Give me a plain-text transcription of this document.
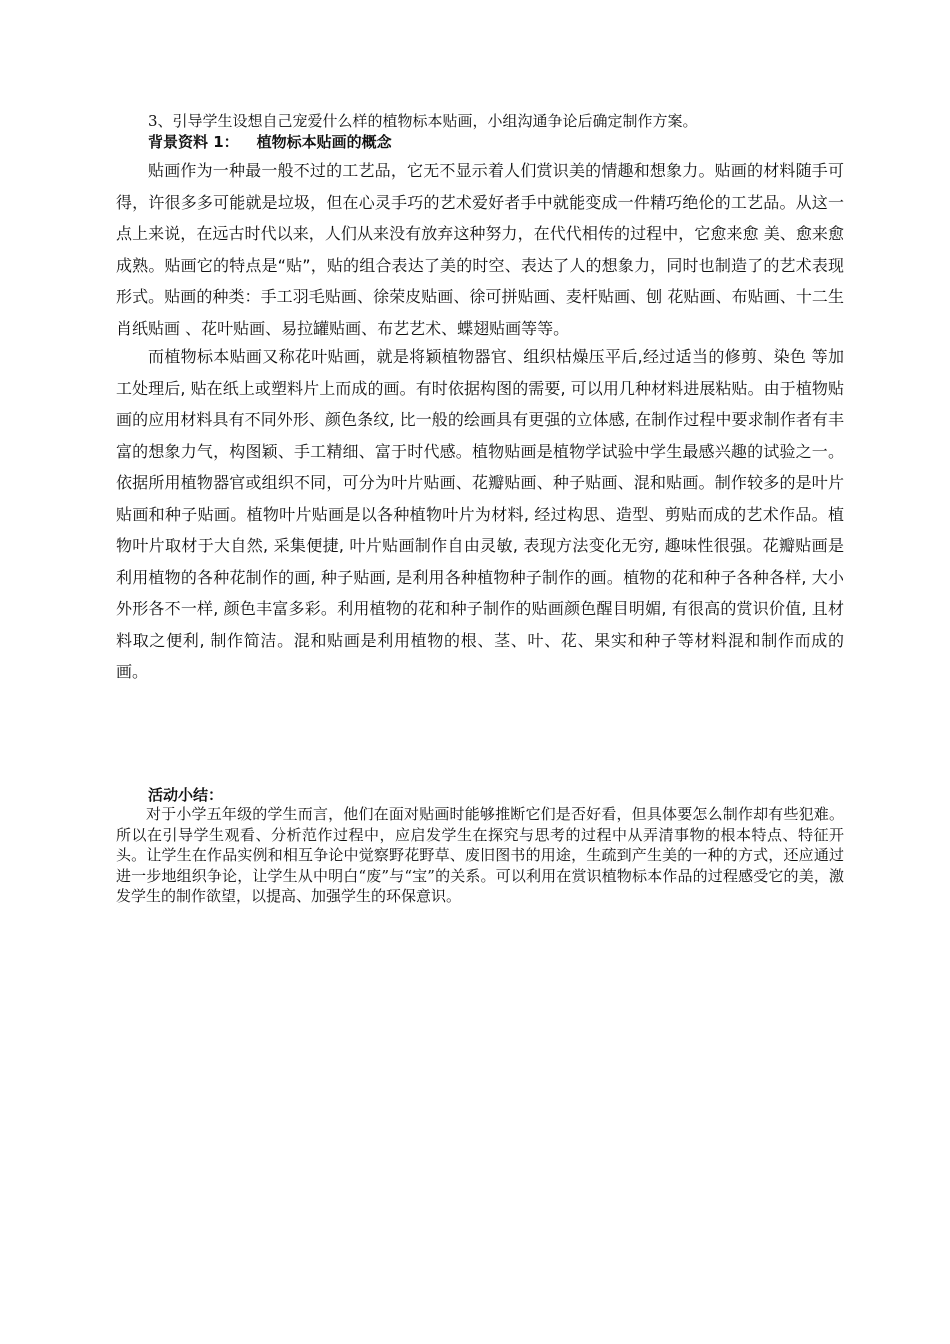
3、引导学生设想自己宠爱什么样的植物标本贴画，小组沟通争论后确定制作方案。
背景资料 1： 植物标本贴画的概念

贴画作为一种最一般不过的工艺品，它无不显示着人们赏识美的情趣和想象力。贴画的材料随手可得，许很多多可能就是垃圾，但在心灵手巧的艺术爱好者手中就能变成一件精巧绝伦的工艺品。从这一点上来说，在远古时代以来，人们从来没有放弃这种努力，在代代相传的过程中，它愈来愈 美、愈来愈成熟。贴画它的特点是“贴”，贴的组合表达了美的时空、表达了人的想象力，同时也制造了的艺术表现形式。贴画的种类：手工羽毛贴画、徐荣皮贴画、徐可拼贴画、麦杆贴画、刨 花贴画、布贴画、十二生肖纸贴画 、花叶贴画、易拉罐贴画、布艺艺术、蝶翅贴画等等。

而植物标本贴画又称花叶贴画，就是将颖植物器官、组织枯燥压平后,经过适当的修剪、染色 等加工处理后, 贴在纸上或塑料片上而成的画。有时依据构图的需要, 可以用几种材料进展粘贴。由于植物贴画的应用材料具有不同外形、颜色条纹, 比一般的绘画具有更强的立体感, 在制作过程中要求制作者有丰富的想象力气，构图颖、手工精细、富于时代感。植物贴画是植物学试验中学生最感兴趣的试验之一。依据所用植物器官或组织不同，可分为叶片贴画、花瓣贴画、种子贴画、混和贴画。制作较多的是叶片贴画和种子贴画。植物叶片贴画是以各种植物叶片为材料, 经过构思、造型、剪贴而成的艺术作品。植物叶片取材于大自然, 采集便捷, 叶片贴画制作自由灵敏, 表现方法变化无穷, 趣味性很强。花瓣贴画是利用植物的各种花制作的画, 种子贴画, 是利用各种植物种子制作的画。植物的花和种子各种各样, 大小外形各不一样, 颜色丰富多彩。利用植物的花和种子制作的贴画颜色醒目明媚, 有很高的赏识价值, 且材料取之便利, 制作简洁。混和贴画是利用植物的根、茎、叶、花、果实和种子等材料混和制作而成的画。

活动小结：

对于小学五年级的学生而言，他们在面对贴画时能够推断它们是否好看，但具体要怎么制作却有些犯难。所以在引导学生观看、分析范作过程中，应启发学生在探究与思考的过程中从弄清事物的根本特点、特征开头。让学生在作品实例和相互争论中觉察野花野草、废旧图书的用途，生疏到产生美的一种的方式，还应通过进一步地组织争论，让学生从中明白“废”与“宝”的关系。可以利用在赏识植物标本作品的过程感受它的美，激发学生的制作欲望，以提高、加强学生的环保意识。
